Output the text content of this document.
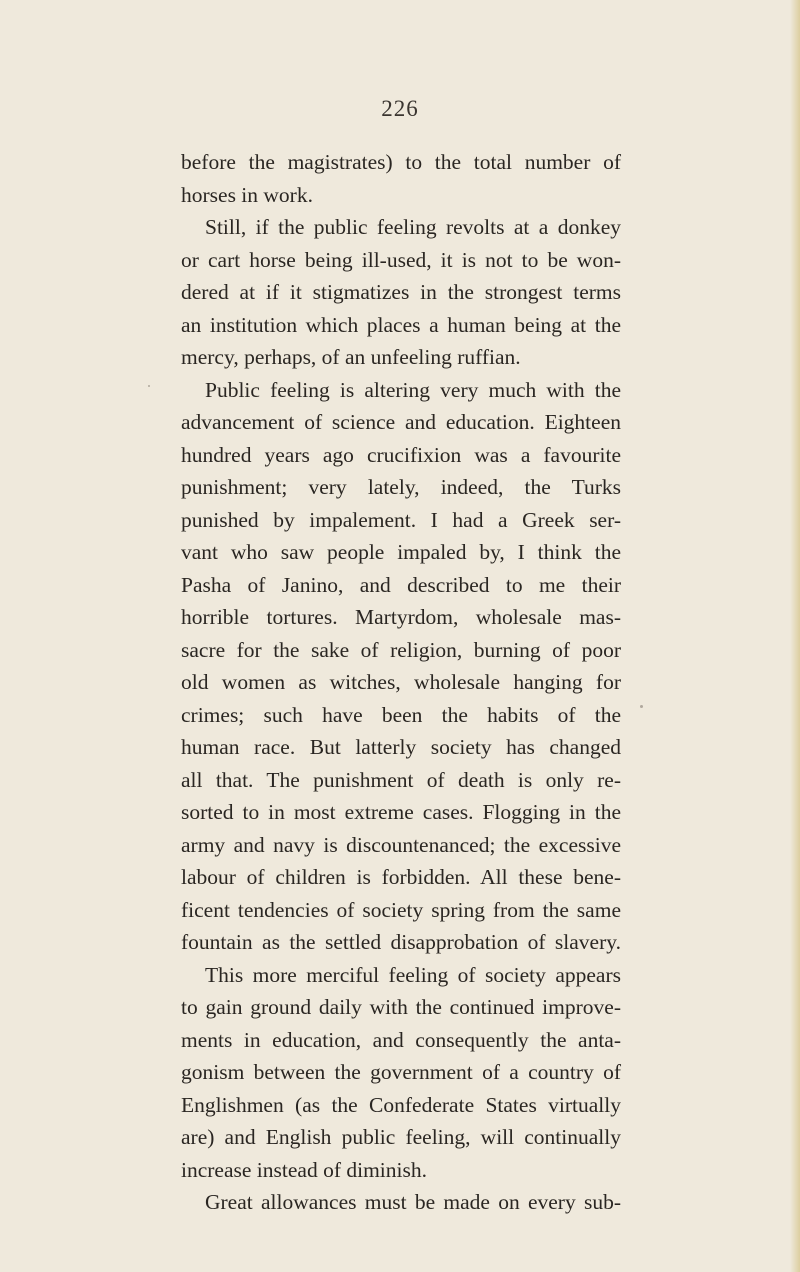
226
before the magistrates) to the total number of
horses in work.
Still, if the public feeling revolts at a donkey
or cart horse being ill-used, it is not to be won-
dered at if it stigmatizes in the strongest terms
an institution which places a human being at the
mercy, perhaps, of an unfeeling ruffian.
Public feeling is altering very much with the
advancement of science and education. Eighteen
hundred years ago crucifixion was a favourite
punishment; very lately, indeed, the Turks
punished by impalement. I had a Greek ser-
vant who saw people impaled by, I think the
Pasha of Janino, and described to me their
horrible tortures. Martyrdom, wholesale mas-
sacre for the sake of religion, burning of poor
old women as witches, wholesale hanging for
crimes; such have been the habits of the
human race. But latterly society has changed
all that. The punishment of death is only re-
sorted to in most extreme cases. Flogging in the
army and navy is discountenanced; the excessive
labour of children is forbidden. All these bene-
ficent tendencies of society spring from the same
fountain as the settled disapprobation of slavery.
This more merciful feeling of society appears
to gain ground daily with the continued improve-
ments in education, and consequently the anta-
gonism between the government of a country of
Englishmen (as the Confederate States virtually
are) and English public feeling, will continually
increase instead of diminish.
Great allowances must be made on every sub-
